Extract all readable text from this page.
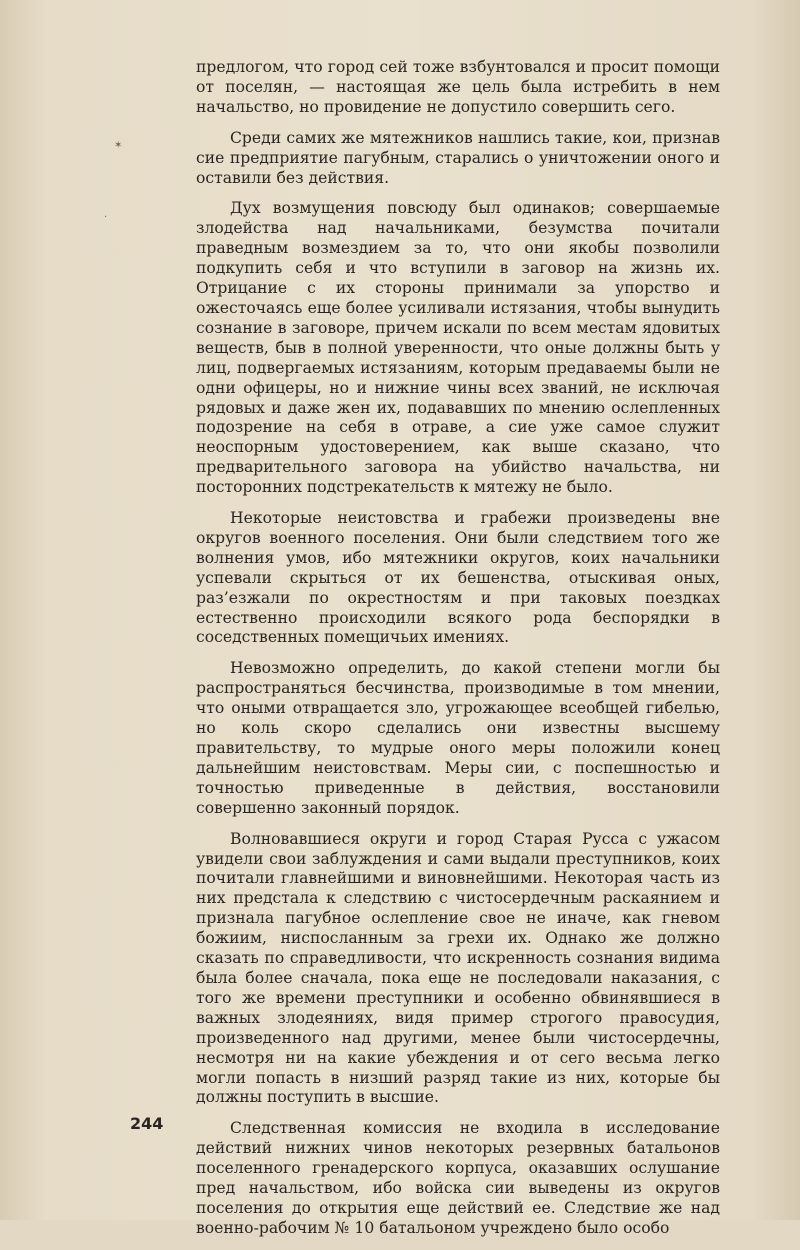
✶
·

предлогом, что город сей тоже взбунтовался и просит помощи от поселян, — настоящая же цель была истребить в нем начальство, но провидение не допустило совершить сего.

Среди самих же мятежников нашлись такие, кои, признав сие предприятие пагубным, старались о уничтожении оного и оставили без действия.

Дух возмущения повсюду был одинаков; совершаемые злодейства над начальниками, безумства почитали праведным возмездием за то, что они якобы позволили подкупить себя и что вступили в заговор на жизнь их. Отрицание с их стороны принимали за упорство и ожесточаясь еще более усиливали истязания, чтобы вынудить сознание в заговоре, причем искали по всем местам ядовитых веществ, быв в полной уверенности, что оные должны быть у лиц, подвергаемых истязаниям, которым предаваемы были не одни офицеры, но и нижние чины всех званий, не исключая рядовых и даже жен их, подававших по мнению ослепленных подозрение на себя в отраве, а сие уже самое служит неоспорным удостоверением, как выше сказано, что предварительного заговора на убийство начальства, ни посторонних подстрекательств к мятежу не было.

Некоторые неистовства и грабежи произведены вне округов военного поселения. Они были следствием того же волнения умов, ибо мятежники округов, коих начальники успевали скрыться от их бешенства, отыскивая оных, раз’езжали по окрестностям и при таковых поездках естественно происходили всякого рода беспорядки в соседственных помещичьих имениях.

Невозможно определить, до какой степени могли бы распространяться бесчинства, производимые в том мнении, что оными отвращается зло, угрожающее всеобщей гибелью, но коль скоро сделались они известны высшему правительству, то мудрые оного меры положили конец дальнейшим неистовствам. Меры сии, с поспешностью и точностью приведенные в действия, восстановили совершенно законный порядок.

Волновавшиеся округи и город Старая Русса с ужасом увидели свои заблуждения и сами выдали преступников, коих почитали главнейшими и виновнейшими. Некоторая часть из них предстала к следствию с чистосердечным раскаянием и признала пагубное ослепление свое не иначе, как гневом божиим, ниспосланным за грехи их. Однако же должно сказать по справедливости, что искренность сознания видима была более сначала, пока еще не последовали наказания, с того же времени преступники и особенно обвинявшиеся в важных злодеяниях, видя пример строгого правосудия, произведенного над другими, менее были чистосердечны, несмотря ни на какие убеждения и от сего весьма легко могли попасть в низший разряд такие из них, которые бы должны поступить в высшие.

Следственная комиссия не входила в исследование действий нижних чинов некоторых резервных батальонов поселенного гренадерского корпуса, оказавших ослушание пред начальством, ибо войска сии выведены из округов поселения до открытия еще действий ее. Следствие же над военно-рабочим № 10 батальоном учреждено было особо

244
